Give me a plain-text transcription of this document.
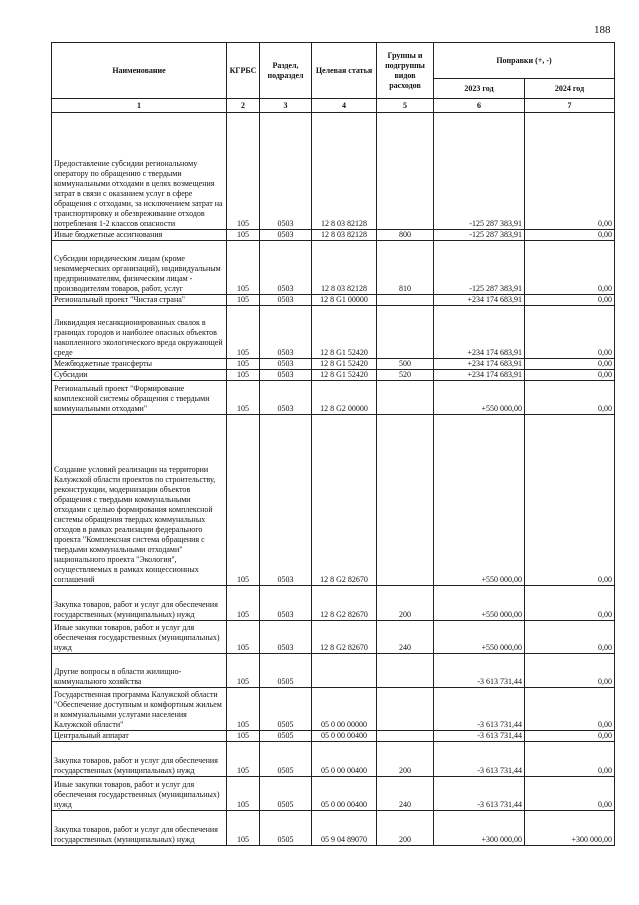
188
Наименование	КГРБС	Раздел, подраздел	Целевая статья	Группы и подгруппы видов расходов	Поправки (+, -)	
					2023 год	2024 год
1	2	3	4	5	6	7
Предоставление субсидии региональному оператору по обращению с твердыми коммунальными отходами в целях возмещения затрат в связи с оказанием услуг в сфере обращения с отходами, за исключением затрат на транспортировку и обезвреживание отходов потребления 1-2 классов опасности	105	0503	12 8 03 82128		-125 287 383,91	0,00
Иные бюджетные ассигнования	105	0503	12 8 03 82128	800	-125 287 383,91	0,00
Субсидии юридическим лицам (кроме некоммерческих организаций), индивидуальным предпринимателям, физическим лицам - производителям товаров, работ, услуг	105	0503	12 8 03 82128	810	-125 287 383,91	0,00
Региональный проект "Чистая страна"	105	0503	12 8 G1 00000		+234 174 683,91	0,00
Ликвидация несанкционированных свалок в границах городов и наиболее опасных объектов накопленного экологического вреда окружающей среде	105	0503	12 8 G1 52420		+234 174 683,91	0,00
Межбюджетные трансферты	105	0503	12 8 G1 52420	500	+234 174 683,91	0,00
Субсидии	105	0503	12 8 G1 52420	520	+234 174 683,91	0,00
Региональный проект "Формирование комплексной системы обращения с твердыми коммунальными отходами"	105	0503	12 8 G2 00000		+550 000,00	0,00
Создание условий реализации на территории Калужской области проектов по строительству, реконструкции, модернизации объектов обращения с твердыми коммунальными отходами с целью формирования комплексной системы обращения твердых коммунальных отходов в рамках реализации федерального проекта "Комплексная система обращения с твердыми коммунальными отходами" национального проекта "Экология", осуществляемых в рамках концессионных соглашений	105	0503	12 8 G2 82670		+550 000,00	0,00
Закупка товаров, работ и услуг для обеспечения государственных (муниципальных) нужд	105	0503	12 8 G2 82670	200	+550 000,00	0,00
Иные закупки товаров, работ и услуг для обеспечения государственных (муниципальных) нужд	105	0503	12 8 G2 82670	240	+550 000,00	0,00
Другие вопросы в области жилищно-коммунального хозяйства	105	0505			-3 613 731,44	0,00
Государственная программа Калужской области "Обеспечение доступным и комфортным жильем и коммунальными услугами населения Калужской области"	105	0505	05 0 00 00000		-3 613 731,44	0,00
Центральный аппарат	105	0505	05 0 00 00400		-3 613 731,44	0,00
Закупка товаров, работ и услуг для обеспечения государственных (муниципальных) нужд	105	0505	05 0 00 00400	200	-3 613 731,44	0,00
Иные закупки товаров, работ и услуг для обеспечения государственных (муниципальных) нужд	105	0505	05 0 00 00400	240	-3 613 731,44	0,00
Закупка товаров, работ и услуг для обеспечения государственных (муниципальных) нужд	105	0505	05 9 04 89070	200	+300 000,00	+300 000,00
